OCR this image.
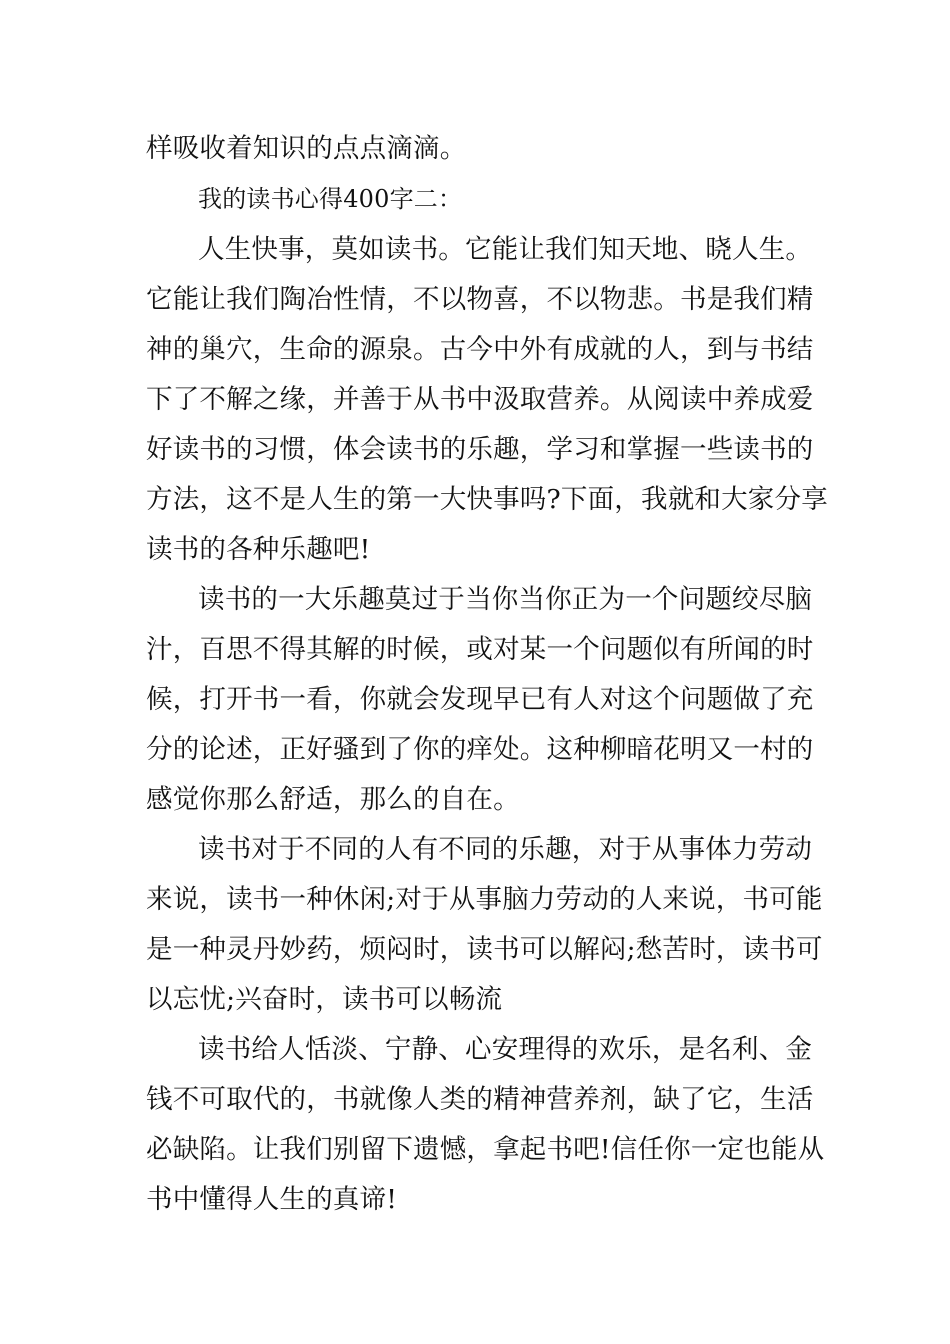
样吸收着知识的点点滴滴。
我的读书心得400字二：
人生快事，莫如读书。它能让我们知天地、晓人生。
它能让我们陶冶性情，不以物喜，不以物悲。书是我们精
神的巢穴，生命的源泉。古今中外有成就的人，到与书结
下了不解之缘，并善于从书中汲取营养。从阅读中养成爱
好读书的习惯，体会读书的乐趣，学习和掌握一些读书的
方法，这不是人生的第一大快事吗?下面，我就和大家分享
读书的各种乐趣吧!
读书的一大乐趣莫过于当你当你正为一个问题绞尽脑
汁，百思不得其解的时候，或对某一个问题似有所闻的时
候，打开书一看，你就会发现早已有人对这个问题做了充
分的论述，正好骚到了你的痒处。这种柳暗花明又一村的
感觉你那么舒适，那么的自在。
读书对于不同的人有不同的乐趣，对于从事体力劳动
来说，读书一种休闲;对于从事脑力劳动的人来说，书可能
是一种灵丹妙药，烦闷时，读书可以解闷;愁苦时，读书可
以忘忧;兴奋时，读书可以畅流
读书给人恬淡、宁静、心安理得的欢乐，是名利、金
钱不可取代的，书就像人类的精神营养剂，缺了它，生活
必缺陷。让我们别留下遗憾，拿起书吧!信任你一定也能从
书中懂得人生的真谛!
